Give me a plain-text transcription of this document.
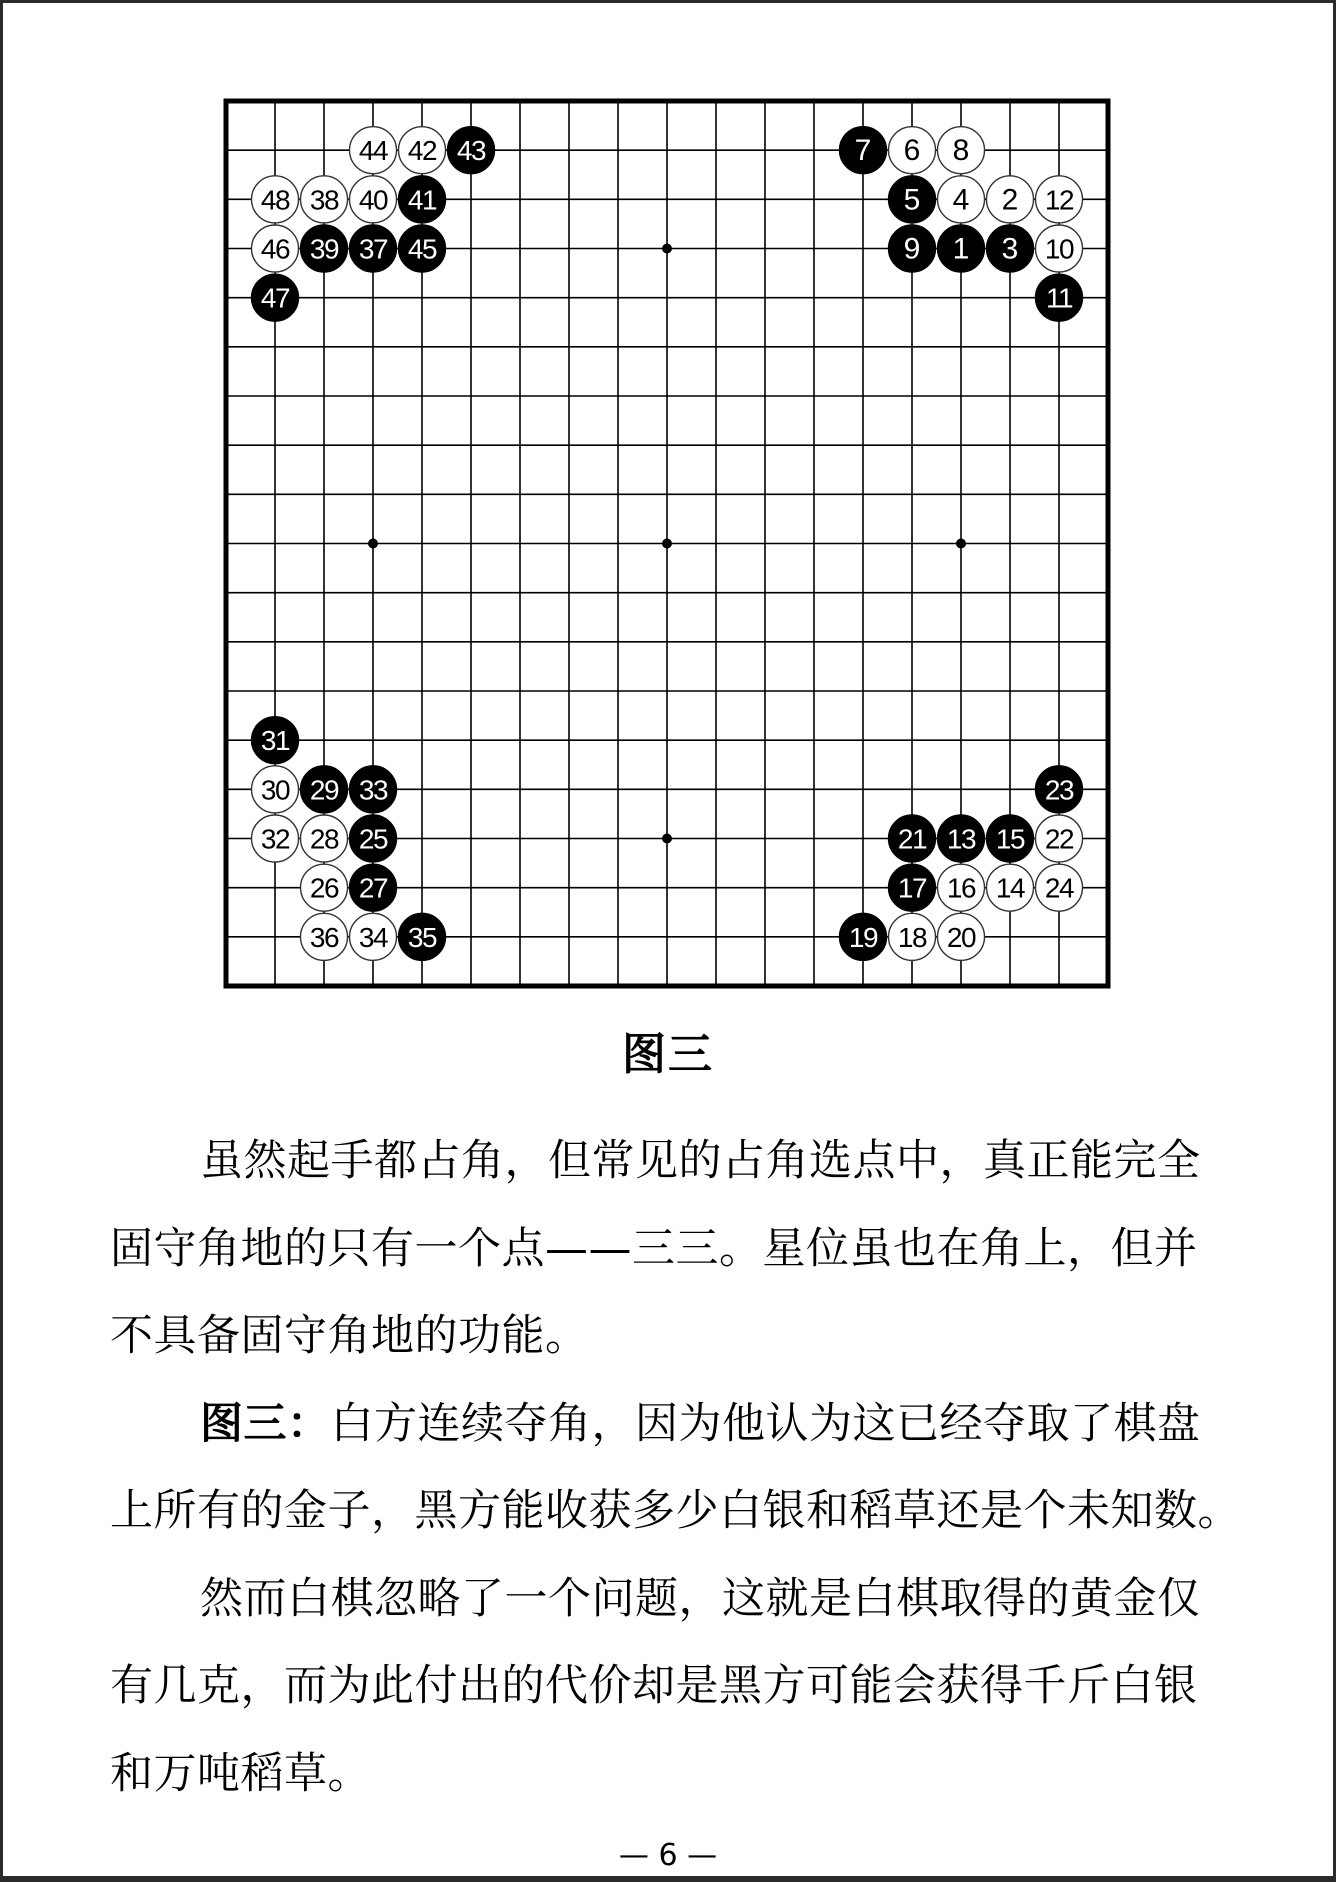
1
2
3
4
5
6
7	8
9	10
11
12
13
14
15
16
17
18
19 20
21	22
23
24
25
26 27
28
29
30
31
32
33
34 35
36
37
38
39
40 41
42 43
44
45
46
47
48
图三
虽然起手都占角，但常见的占角选点中，真正能完全
固守角地的只有一个点——三三。星位虽也在角上，但并
不具备固守角地的功能。
图三：白方连续夺角，因为他认为这已经夺取了棋盘
上所有的金子，黑方能收获多少白银和稻草还是个未知数。
然而白棋忽略了一个问题，这就是白棋取得的黄金仅
有几克，而为此付出的代价却是黑方可能会获得千斤白银
和万吨稻草。
— 6 —
